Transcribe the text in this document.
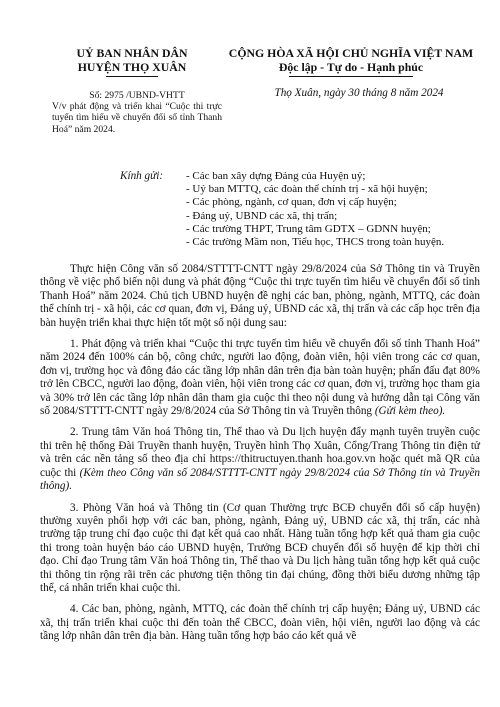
UỶ BAN NHÂN DÂN
HUYỆN THỌ XUÂN
CỘNG HÒA XÃ HỘI CHỦ NGHĨA VIỆT NAM
Độc lập - Tự do - Hạnh phúc
Số: 2975 /UBND-VHTT
V/v phát động và triển khai “Cuộc thi trực tuyến tìm hiểu về chuyển đổi số tỉnh Thanh Hoá” năm 2024.
Thọ Xuân, ngày 30 tháng 8 năm 2024
Kính gửi: - Các ban xây dựng Đảng của Huyện uỷ;
- Uỷ ban MTTQ, các đoàn thể chính trị - xã hội huyện;
- Các phòng, ngành, cơ quan, đơn vị cấp huyện;
- Đảng uỷ, UBND các xã, thị trấn;
- Các trường THPT, Trung tâm GDTX – GDNN huyện;
- Các trường Mầm non, Tiểu học, THCS trong toàn huyện.

Thực hiện Công văn số 2084/STTTT-CNTT ngày 29/8/2024 của Sở Thông tin và Truyền thông về việc phổ biến nội dung và phát động “Cuộc thi trực tuyến tìm hiểu về chuyển đổi số tỉnh Thanh Hoá” năm 2024. Chủ tịch UBND huyện đề nghị các ban, phòng, ngành, MTTQ, các đoàn thể chính trị - xã hội, các cơ quan, đơn vị, Đảng uỷ, UBND các xã, thị trấn và các cấp học trên địa bàn huyện triển khai thực hiện tốt một số nội dung sau:

1. Phát động và triển khai “Cuộc thi trực tuyến tìm hiểu về chuyển đổi số tỉnh Thanh Hoá” năm 2024 đến 100% cán bộ, công chức, người lao động, đoàn viên, hội viên trong các cơ quan, đơn vị, trường học và đông đảo các tầng lớp nhân dân trên địa bàn toàn huyện; phấn đấu đạt 80% trở lên CBCC, người lao động, đoàn viên, hội viên trong các cơ quan, đơn vị, trường học tham gia và 30% trở lên các tầng lớp nhân dân tham gia cuộc thi theo nội dung và hướng dẫn tại Công văn số 2084/STTTT-CNTT ngày 29/8/2024 của Sở Thông tin và Truyền thông (Gửi kèm theo).

2. Trung tâm Văn hoá Thông tin, Thể thao và Du lịch huyện đẩy mạnh tuyên truyền cuộc thi trên hệ thống Đài Truyền thanh huyện, Truyền hình Thọ Xuân, Cổng/Trang Thông tin điện tử và trên các nền tảng số theo địa chỉ https://thitructuyen.thanh hoa.gov.vn hoặc quét mã QR của cuộc thi (Kèm theo Công văn số 2084/STTTT-CNTT ngày 29/8/2024 của Sở Thông tin và Truyền thông).

3. Phòng Văn hoá và Thông tin (Cơ quan Thường trực BCĐ chuyển đổi số cấp huyện) thường xuyên phối hợp với các ban, phòng, ngành, Đảng uỷ, UBND các xã, thị trấn, các nhà trường tập trung chỉ đạo cuộc thi đạt kết quả cao nhất. Hàng tuần tổng hợp kết quả tham gia cuộc thi trong toàn huyện báo cáo UBND huyện, Trưởng BCĐ chuyển đổi số huyện để kịp thời chỉ đạo. Chỉ đạo Trung tâm Văn hoá Thông tin, Thể thao và Du lịch hàng tuần tổng hợp kết quả cuộc thi thông tin rộng rãi trên các phương tiện thông tin đại chúng, đồng thời biểu dương những tập thể, cá nhân triển khai cuộc thi.

4. Các ban, phòng, ngành, MTTQ, các đoàn thể chính trị cấp huyện; Đảng uỷ, UBND các xã, thị trấn triển khai cuộc thi đến toàn thể CBCC, đoàn viên, hội viên, người lao động và các tầng lớp nhân dân trên địa bàn. Hàng tuần tổng hợp báo cáo kết quả về
